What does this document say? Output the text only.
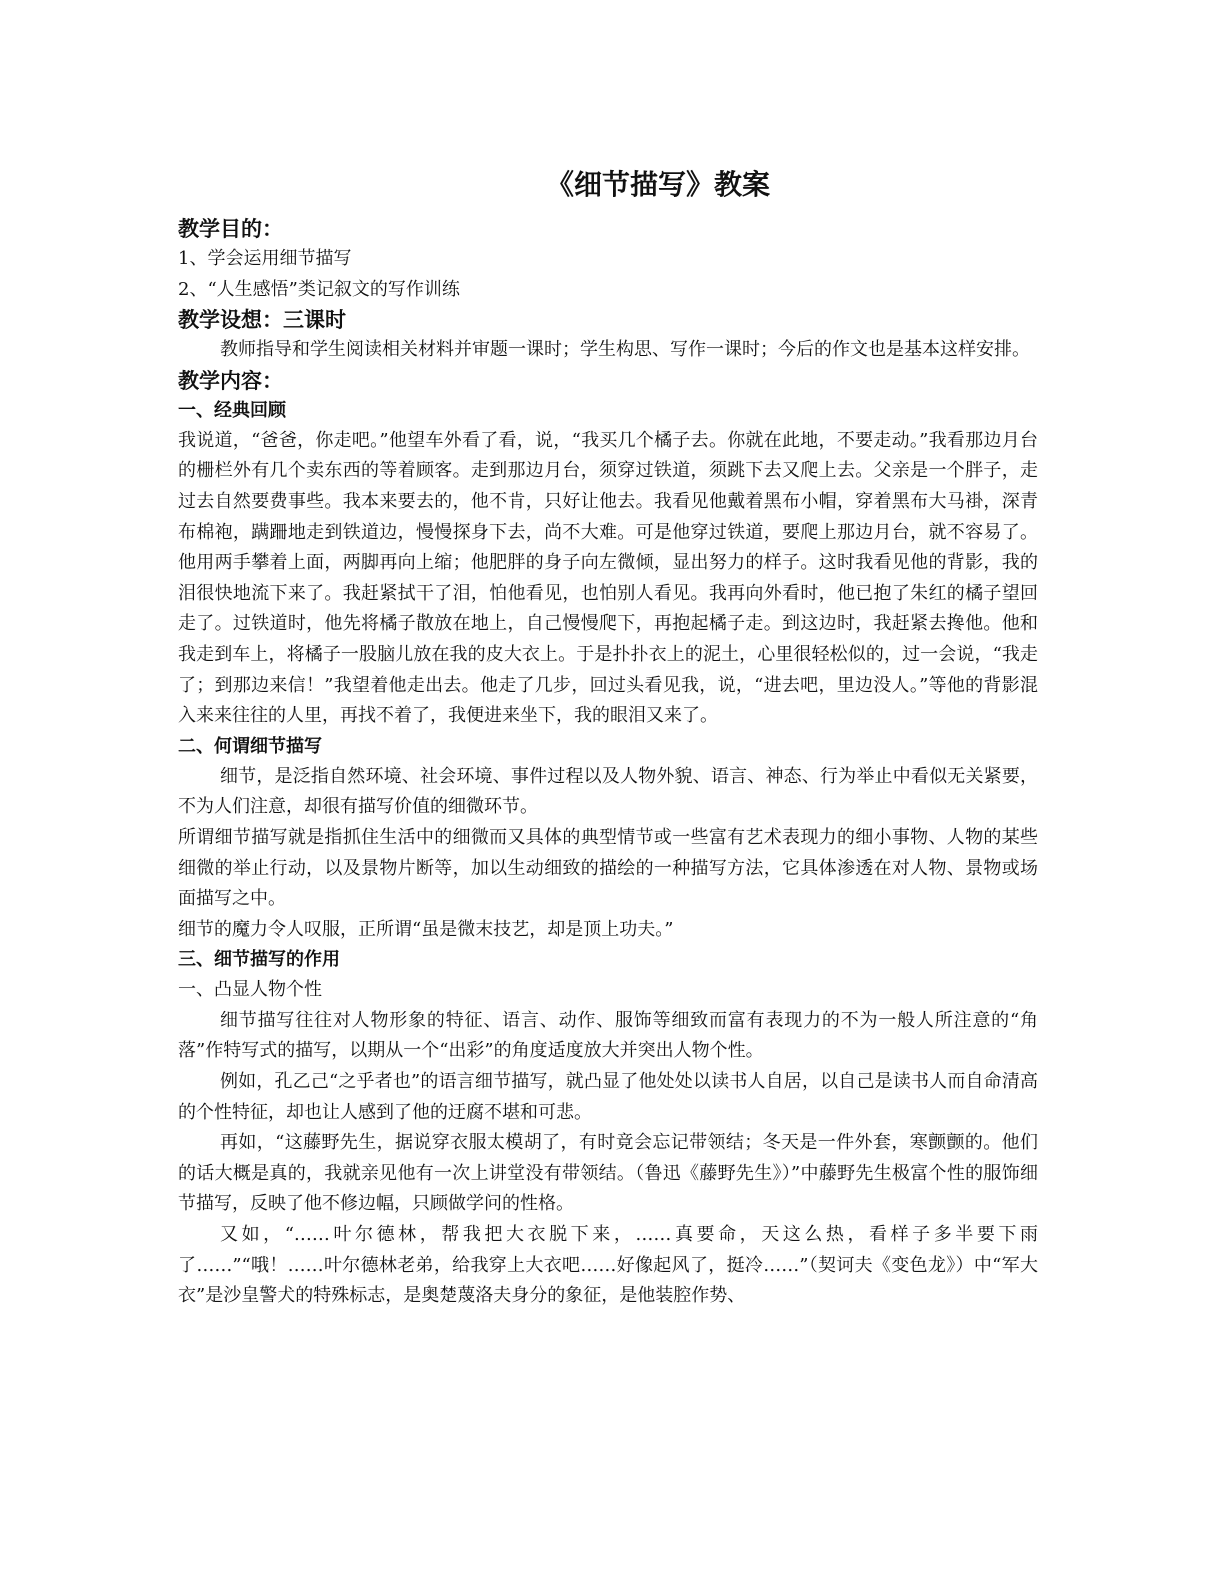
《细节描写》教案
教学目的：
1、学会运用细节描写
2、“人生感悟”类记叙文的写作训练
教学设想：三课时
教师指导和学生阅读相关材料并审题一课时；学生构思、写作一课时；今后的作文也是基本这样安排。
教学内容：
一、经典回顾
我说道，“爸爸，你走吧。”他望车外看了看，说，“我买几个橘子去。你就在此地，不要走动。”我看那边月台的栅栏外有几个卖东西的等着顾客。走到那边月台，须穿过铁道，须跳下去又爬上去。父亲是一个胖子，走过去自然要费事些。我本来要去的，他不肯，只好让他去。我看见他戴着黑布小帽，穿着黑布大马褂，深青布棉袍，蹒跚地走到铁道边，慢慢探身下去，尚不大难。可是他穿过铁道，要爬上那边月台，就不容易了。他用两手攀着上面，两脚再向上缩；他肥胖的身子向左微倾，显出努力的样子。这时我看见他的背影，我的泪很快地流下来了。我赶紧拭干了泪，怕他看见，也怕别人看见。我再向外看时，他已抱了朱红的橘子望回走了。过铁道时，他先将橘子散放在地上，自己慢慢爬下，再抱起橘子走。到这边时，我赶紧去搀他。他和我走到车上，将橘子一股脑儿放在我的皮大衣上。于是扑扑衣上的泥土，心里很轻松似的，过一会说，“我走了；到那边来信！”我望着他走出去。他走了几步，回过头看见我，说，“进去吧，里边没人。”等他的背影混入来来往往的人里，再找不着了，我便进来坐下，我的眼泪又来了。
二、何谓细节描写
细节，是泛指自然环境、社会环境、事件过程以及人物外貌、语言、神态、行为举止中看似无关紧要，不为人们注意，却很有描写价值的细微环节。
所谓细节描写就是指抓住生活中的细微而又具体的典型情节或一些富有艺术表现力的细小事物、人物的某些细微的举止行动，以及景物片断等，加以生动细致的描绘的一种描写方法，它具体渗透在对人物、景物或场面描写之中。
细节的魔力令人叹服，正所谓“虽是微末技艺，却是顶上功夫。”
三、细节描写的作用
一、凸显人物个性
细节描写往往对人物形象的特征、语言、动作、服饰等细致而富有表现力的不为一般人所注意的“角落”作特写式的描写，以期从一个“出彩”的角度适度放大并突出人物个性。
例如，孔乙己“之乎者也”的语言细节描写，就凸显了他处处以读书人自居，以自己是读书人而自命清高的个性特征，却也让人感到了他的迂腐不堪和可悲。
再如，“这藤野先生，据说穿衣服太模胡了，有时竟会忘记带领结；冬天是一件外套，寒颤颤的。他们的话大概是真的，我就亲见他有一次上讲堂没有带领结。（鲁迅《藤野先生》）”中藤野先生极富个性的服饰细节描写，反映了他不修边幅，只顾做学问的性格。
又如，“……叶尔德林，帮我把大衣脱下来，……真要命，天这么热，看样子多半要下雨了……”“哦！……叶尔德林老弟，给我穿上大衣吧……好像起风了，挺冷……”（契诃夫《变色龙》）中“军大衣”是沙皇警犬的特殊标志，是奥楚蔑洛夫身分的象征，是他装腔作势、
